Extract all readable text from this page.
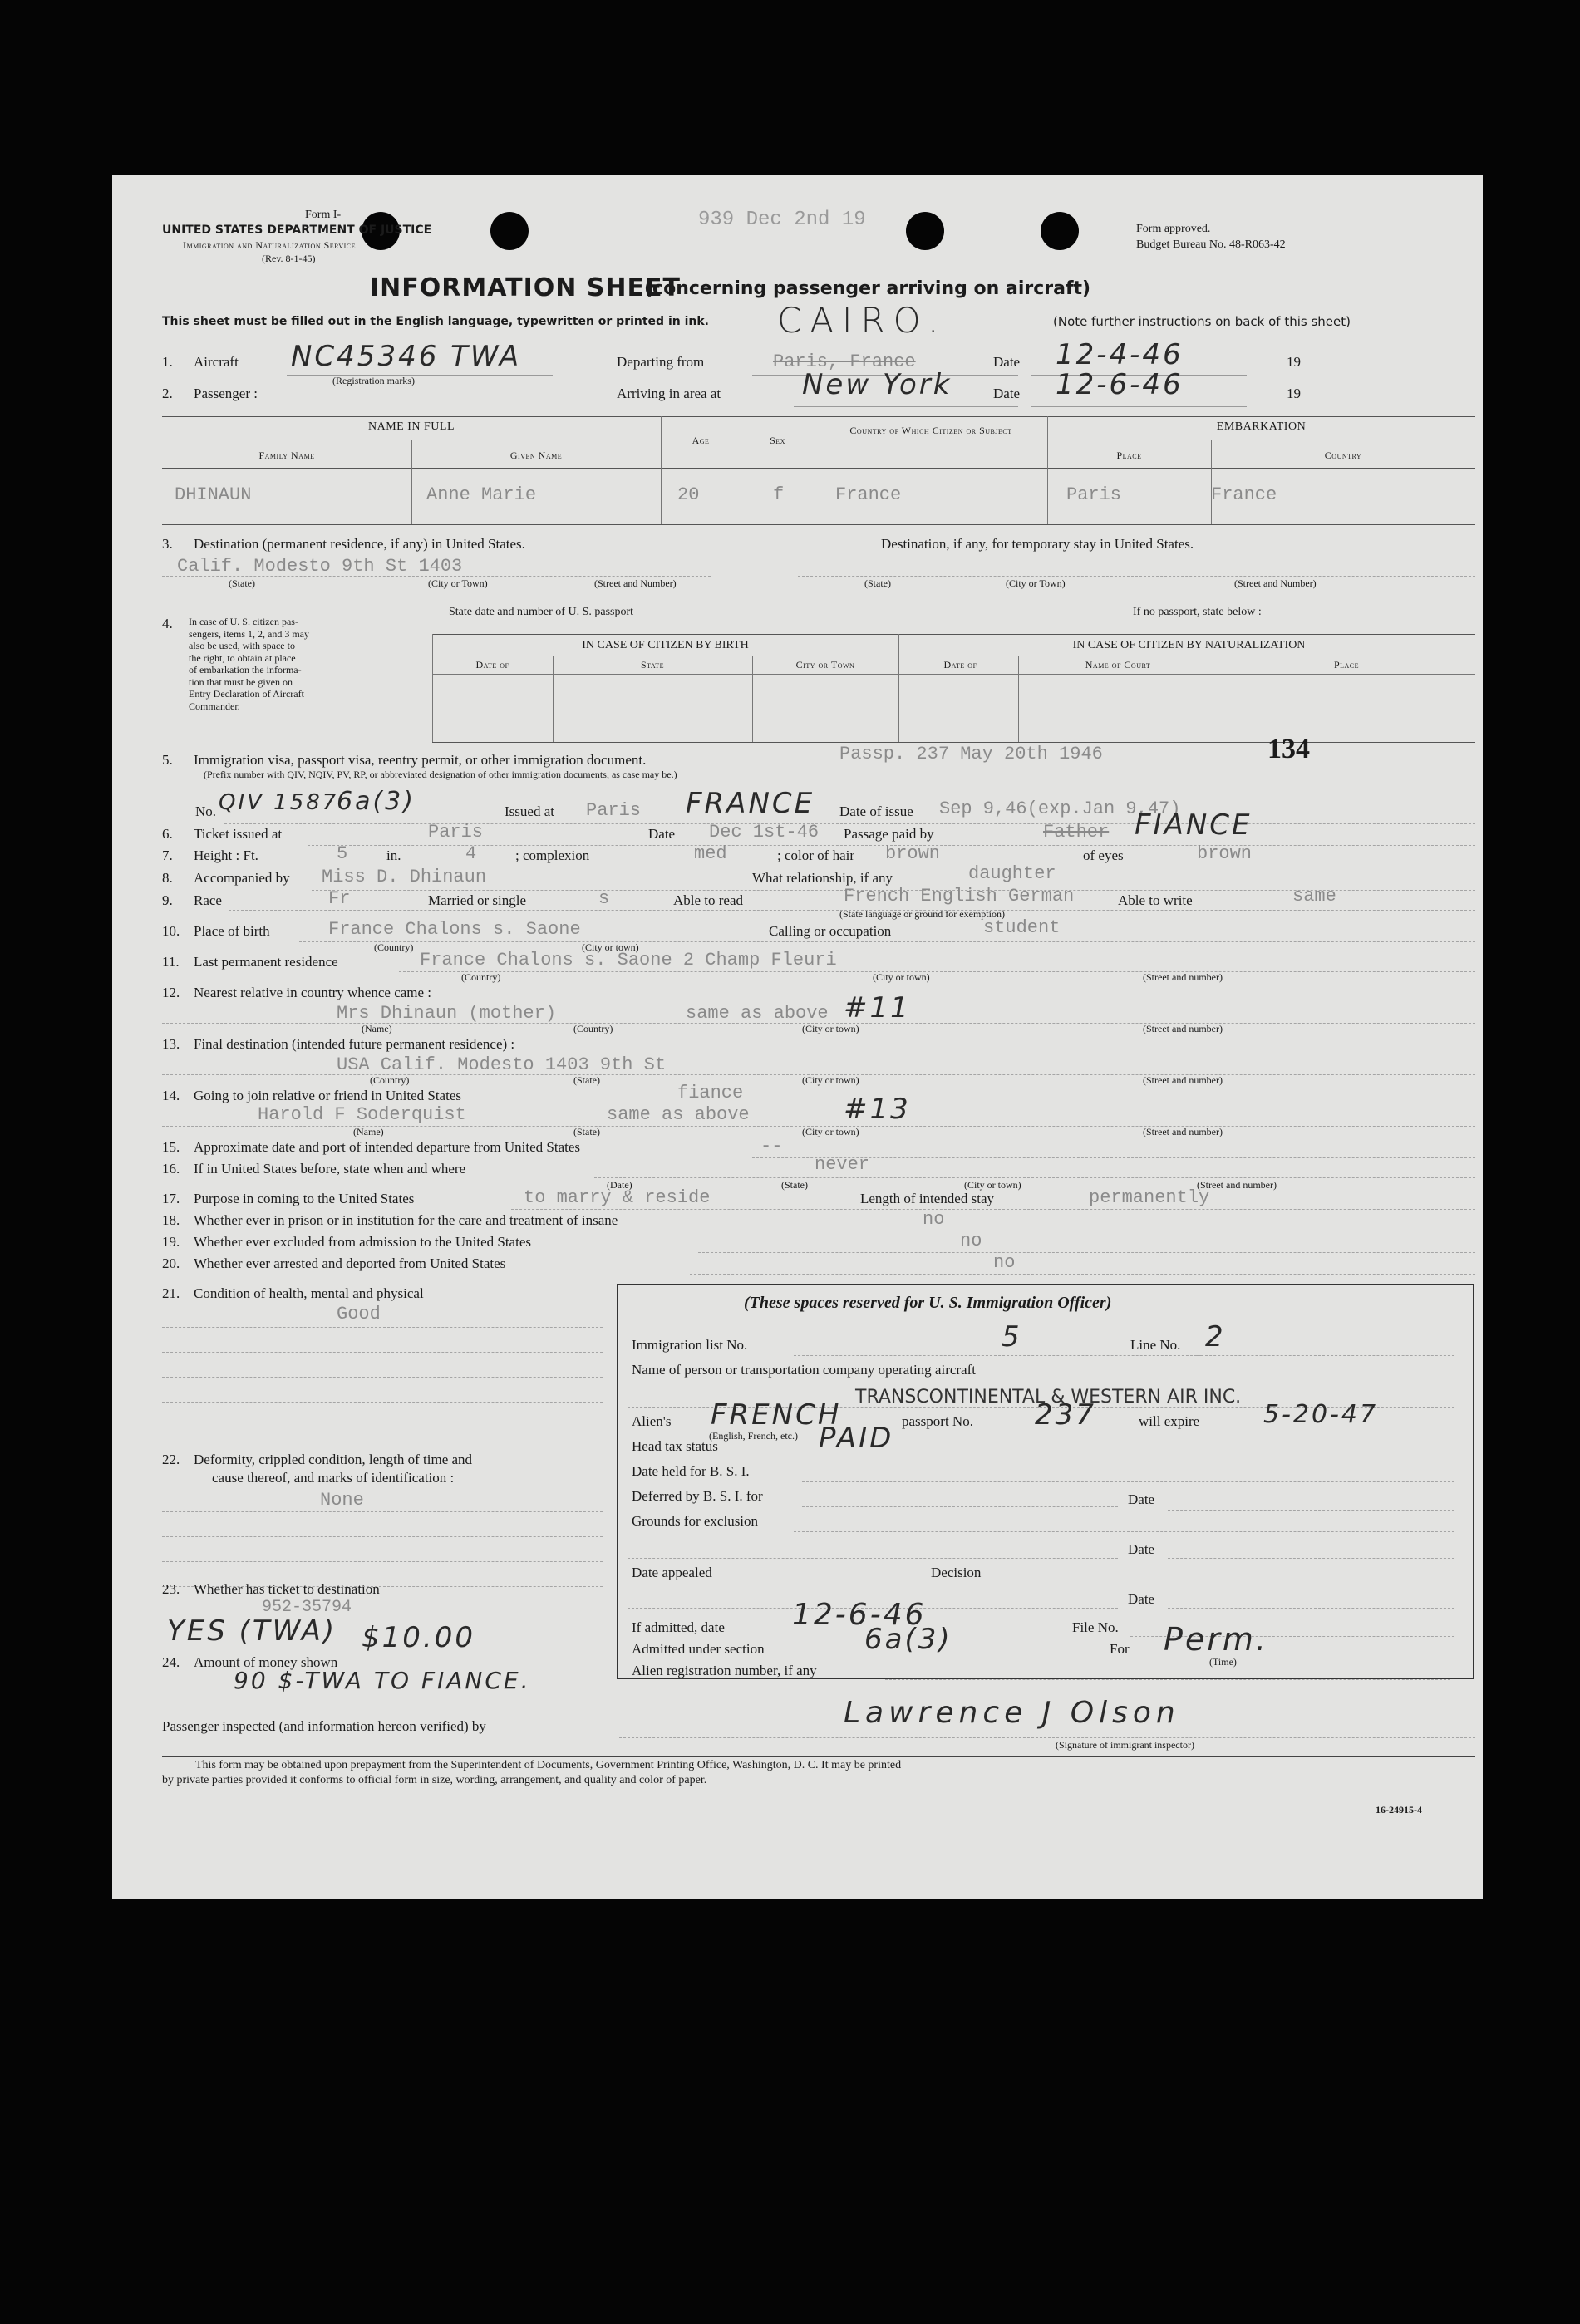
Form I-
UNITED STATES DEPARTMENT OF JUSTICE
Immigration and Naturalization Service
(Rev. 8-1-45)
939 Dec 2nd 19	Form approved.
Budget Bureau No. 48-R063-42
INFORMATION SHEET
(concerning passenger arriving on aircraft)
This sheet must be filled out in the English language, typewritten or printed in ink.	(Note further instructions on back of this sheet)
CAIRO.
1. Aircraft NC45346 TWA
(Registration marks)
Departing from	Paris, France	Date 12-4-46	19
2. Passenger :	Arriving in area at	New York	Date 12-6-46	19
NAME IN FULL
Family Name	Given Name
Age	Sex
Country of Which Citizen or Subject	EMBARKATION
Place	Country
DHINAUN	Anne Marie	20	f	France	Paris	France
3. Destination (permanent residence, if any) in United States.	Destination, if any, for temporary stay in United States.
Calif. Modesto 9th St 1403
(State)	(City or Town)	(Street and Number)	(State)	(City or Town)	(Street and Number)
4. In case of U. S. citizen pas-
sengers, items 1, 2, and 3 may
also be used, with space to
the right, to obtain at place
of embarkation the informa-
tion that must be given on
Entry Declaration of Aircraft
Commander.
State date and number of U. S. passport	If no passport, state below :
IN CASE OF CITIZEN BY BIRTH	IN CASE OF CITIZEN BY NATURALIZATION
Date of	State	City or Town	Date of	Name of Court	Place
134
5. Immigration visa, passport visa, reentry permit, or other immigration document.	Passp. 237 May 20th 1946
(Prefix number with QIV, NQIV, PV, RP, or abbreviated designation of other immigration documents, as case may be.)
No. QIV 1587
6a(3)	Issued at Paris FRANCE Date of issue Sep 9,46(exp.Jan 9,47)
6. Ticket issued at	Paris	Date Dec 1st-46 Passage paid by	Father FIANCE
7. Height : Ft.	5	in.	4	; complexion	med	; color of hair brown	of eyes	brown
8. Accompanied by Miss D. Dhinaun	What relationship, if any	daughter
9. Race	Fr	Married or single	s	Able to read	French English German
(State language or ground for exemption)
Able to write	same
10. Place of birth	France Chalons s. Saone
(Country)	(City or town)
Calling or occupation	student
11. Last permanent residence	France Chalons s. Saone 2 Champ Fleuri
(Country)	(City or town)	(Street and number)
12. Nearest relative in country whence came :
Mrs Dhinaun (mother)	same as above #11
(Name)	(Country)	(City or town)	(Street and number)
13. Final destination (intended future permanent residence) :
USA Calif. Modesto 1403 9th St
(Country)	(State)	(City or town)	(Street and number)
14. Going to join relative or friend in United States	fiance
Harold F Soderquist	same as above	#13
(Name)	(State)	(City or town)	(Street and number)
15. Approximate date and port of intended departure from United States	--
16. If in United States before, state when and where	never
(Date)	(State)	(City or town)	(Street and number)
17. Purpose in coming to the United States	to marry & reside	Length of intended stay	permanently
18. Whether ever in prison or in institution for the care and treatment of insane	no
19. Whether ever excluded from admission to the United States	no
20. Whether ever arrested and deported from United States	no
21. Condition of health, mental and physical
Good
22. Deformity, crippled condition, length of time and
cause thereof, and marks of identification :
None
23. Whether has ticket to destination
952-35794
YES (TWA)
24. Amount of money shown
$10.00
90 $-TWA TO FIANCE.
(These spaces reserved for U. S. Immigration Officer)
Immigration list No.	5	Line No. 2
Name of person or transportation company operating aircraft
TRANSCONTINENTAL & WESTERN AIR INC.
Alien's FRENCH
(English, French, etc.)
passport No. 237	will expire	5-20-47
Head tax status	PAID
Date held for B. S. I.
Deferred by B. S. I. for	Date
Grounds for exclusion
Date
Date appealed	Decision
Date
If admitted, date 12-6-46	File No.
Admitted under section	6a(3)	For Perm.
(Time)
Alien registration number, if any
Passenger inspected (and information hereon verified) by	Lawrence J Olson
(Signature of immigrant inspector)
This form may be obtained upon prepayment from the Superintendent of Documents, Government Printing Office, Washington, D. C. It may be printed
by private parties provided it conforms to official form in size, wording, arrangement, and quality and color of paper.
16-24915-4
